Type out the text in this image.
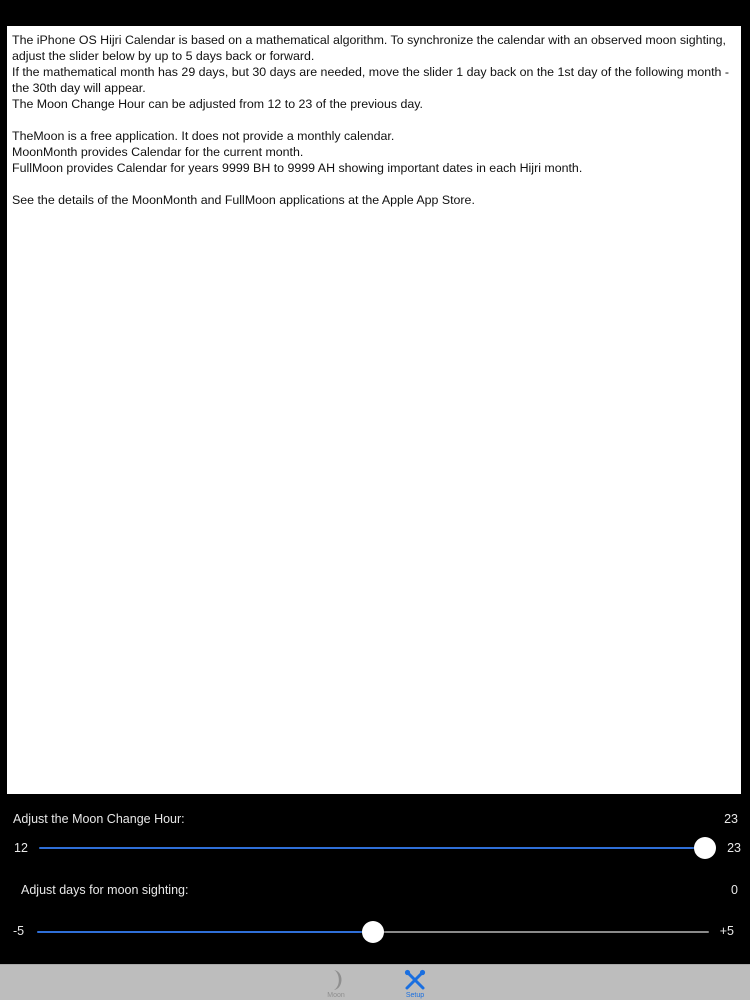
The iPhone OS Hijri Calendar is based on a mathematical algorithm. To synchronize the calendar with an observed moon sighting, adjust the slider below by up to 5 days back or forward.

If the mathematical month has 29 days, but 30 days are needed, move the slider 1 day back on the 1st day of the following month - the 30th day will appear.

The Moon Change Hour can be adjusted from 12 to 23 of the previous day.

TheMoon is a free application. It does not provide a monthly calendar.

MoonMonth provides Calendar for the current month.

FullMoon provides Calendar for years 9999 BH to 9999 AH showing important dates in each Hijri month.

See the details of the MoonMonth and FullMoon applications at the Apple App Store.

Adjust the Moon Change Hour:	23
12	23
Adjust days for moon sighting:	0
-5	+5
Moon	Setup
